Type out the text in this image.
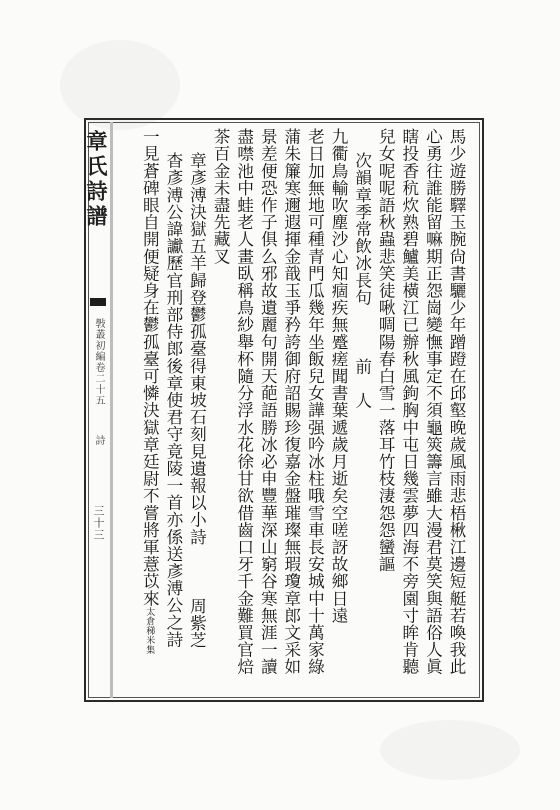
章氏詩譜
斅叢初編卷二十五
詩
三十三	馬少遊勝驛玉腕尙書驪少年蹭蹬在邱壑晚歲風雨悲梧楸江邊短艇若喚我此
心勇往誰能留嘛期正怨崗變憮事定不須龜筴籌言雖大漫君莫笑與語俗人眞
瞎投香秔炊熟碧鱸美橫江已辦秋風鉤胸中屯日幾雲夢四海不旁園寸眸肯聽
兒女呢呢語秋蟲悲笑徒啾啁陽春白雪一落耳竹枝淒怨怨蠻謳
次韻章季常飲冰長句前　人
九衢鳥輸吹塵沙心知痼疾無蹙瘥聞書葉遞歲月逝矣空嗟訝故鄉日遠
老日加無地可種青門瓜幾年坐飯兒女譁强吟冰柱哦雪車長安城中十萬家綠
蒲朱簾寒邇遐揮金戠玉爭矜誇御府詔賜珍復嘉金盤璀璨無瑕瓊章郎文采如
景差便恐作子俱么邪故遺麗句開天葩語勝冰必申豐華深山窮谷寒無涯一讀
盡噤池中蛙老人畫臥稱鳥紗舉杯隨分浮水花徐甘欲借齒口牙千金難買官焙
茶百金未盡先藏叉
章彥溥決獄五羊歸登鬱孤臺得東坡石刻見遺報以小詩周紫芝
杳彥溥公諱讞歷官刑部侍郎後章使君守竟陵一首亦係送彥溥公之詩
一見蒼碑眼自開便疑身在鬱孤臺可憐決獄章廷尉不嘗將軍薏苡來太倉稊米集
